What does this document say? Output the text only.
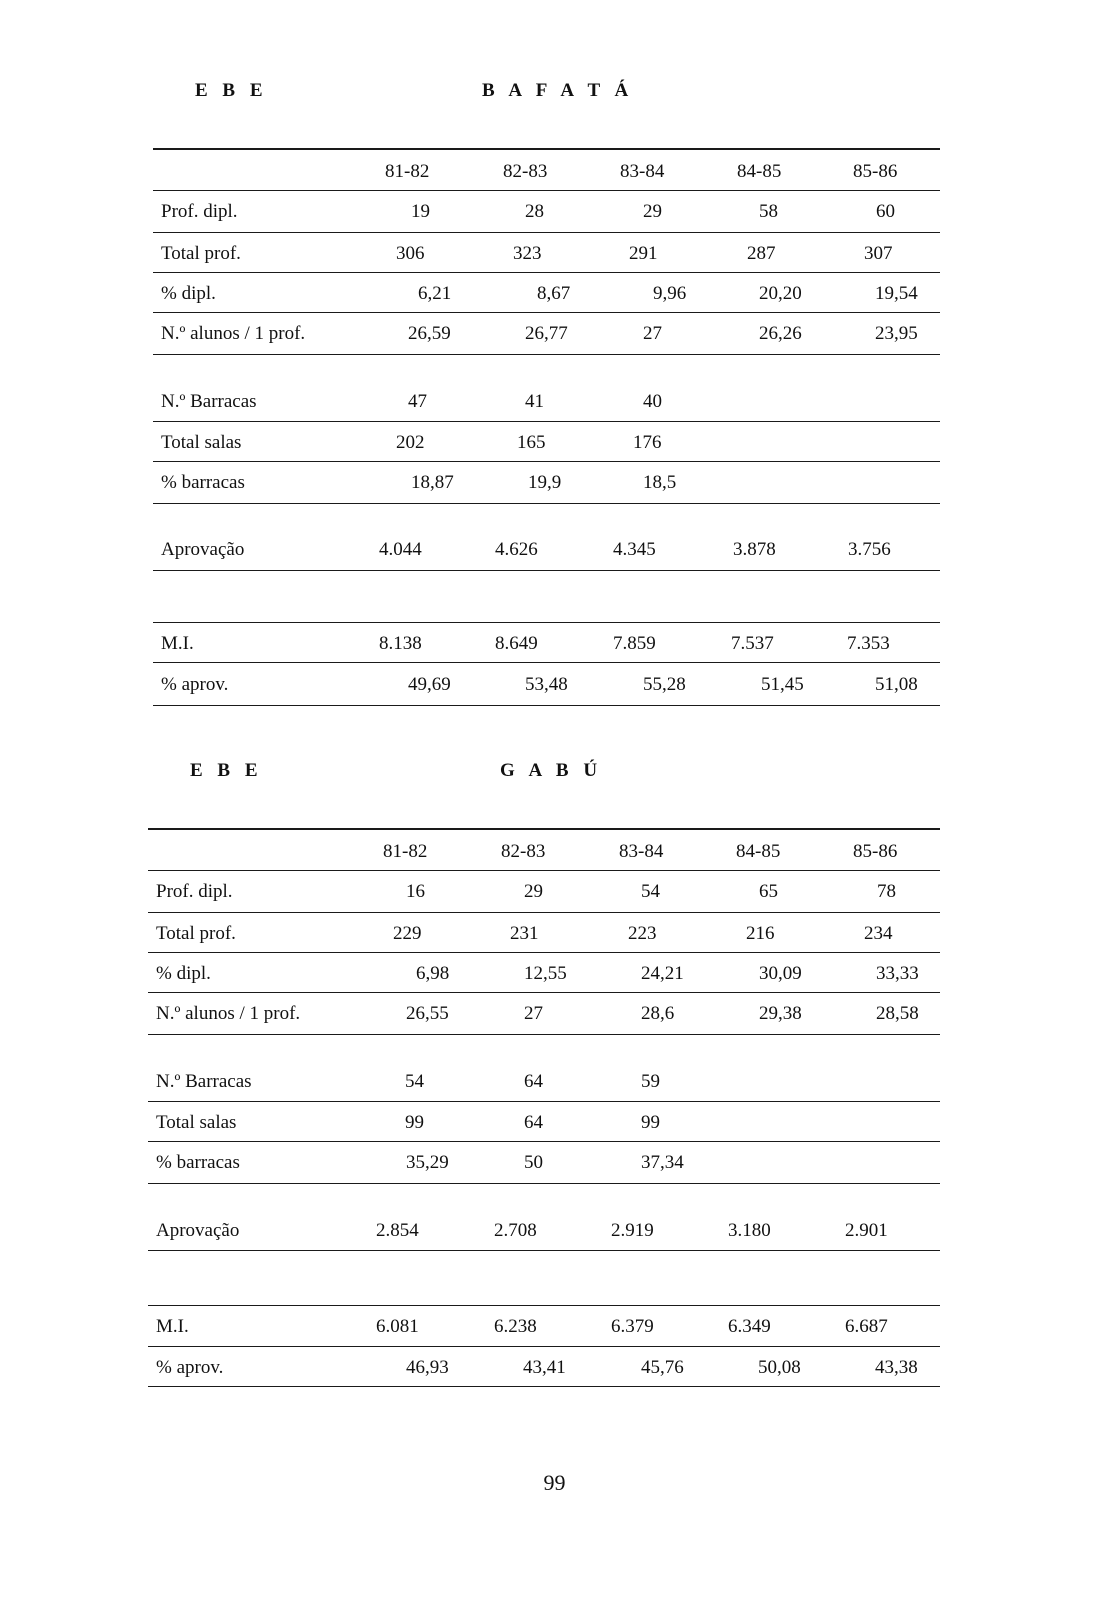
E B E	B A F A T Á
81-82	82-83	83-84	84-85	85-86
Prof. dipl.	19	28	29	58	60
Total prof.	306	323	291	287	307
% dipl.	6,21	8,67	9,96	20,20	19,54
N.º alunos / 1 prof.	26,59	26,77	27	26,26	23,95
N.º Barracas	47	41	40
Total salas	202	165	176
% barracas	18,87	19,9	18,5
Aprovação	4.044	4.626	4.345	3.878	3.756
M.I.	8.138	8.649	7.859	7.537	7.353
% aprov.	49,69	53,48	55,28	51,45	51,08
E B E	G A B Ú
81-82	82-83	83-84	84-85	85-86
Prof. dipl.	16	29	54	65	78
Total prof.	229	231	223	216	234
% dipl.	6,98	12,55	24,21	30,09	33,33
N.º alunos / 1 prof.	26,55	27	28,6	29,38	28,58
N.º Barracas	54	64	59
Total salas	99	64	99
% barracas	35,29	50	37,34
Aprovação	2.854	2.708	2.919	3.180	2.901
M.I.	6.081	6.238	6.379	6.349	6.687
% aprov.	46,93	43,41	45,76	50,08	43,38
99
